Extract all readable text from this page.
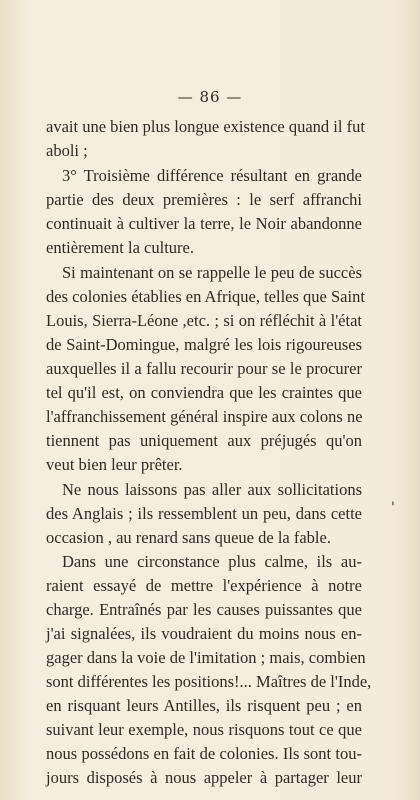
— 86 —
avait une bien plus longue existence quand il fut
aboli ;
3° Troisième différence résultant en grande
partie des deux premières : le serf affranchi
continuait à cultiver la terre, le Noir abandonne
entièrement la culture.
Si maintenant on se rappelle le peu de succès
des colonies établies en Afrique, telles que Saint
Louis, Sierra-Léone ,etc. ; si on réfléchit à l'état
de Saint-Domingue, malgré les lois rigoureuses
auxquelles il a fallu recourir pour se le procurer
tel qu'il est, on conviendra que les craintes que
l'affranchissement général inspire aux colons ne
tiennent pas uniquement aux préjugés qu'on
veut bien leur prêter.
Ne nous laissons pas aller aux sollicitations
des Anglais ; ils ressemblent un peu, dans cette
occasion , au renard sans queue de la fable.
Dans une circonstance plus calme, ils au-
raient essayé de mettre l'expérience à notre
charge. Entraînés par les causes puissantes que
j'ai signalées, ils voudraient du moins nous en-
gager dans la voie de l'imitation ; mais, combien
sont différentes les positions!... Maîtres de l'Inde,
en risquant leurs Antilles, ils risquent peu ; en
suivant leur exemple, nous risquons tout ce que
nous possédons en fait de colonies. Ils sont tou-
jours disposés à nous appeler à partager leur
'
